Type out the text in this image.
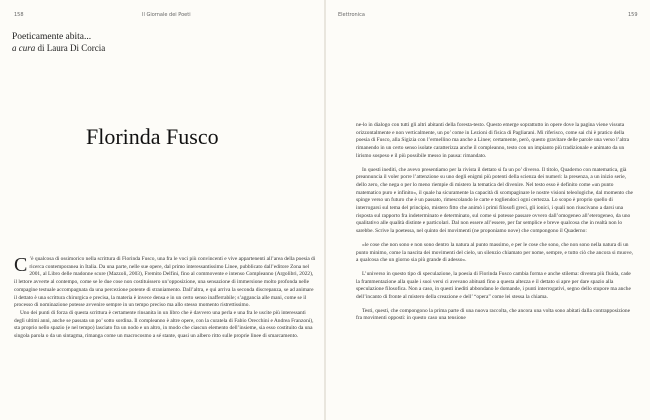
158	Il Giornale dei Poeti
Poeticamente abita...
a cura di Laura Di Corcia
Florinda Fusco

C ’è qualcosa di ossimorico nella scrittura di Florinda Fusco, una fra le voci più convincenti e vive appartenenti all’area della poesia di ricerca contemporanea in Italia. Da una parte, nelle sue opere, dal primo interessantissimo Linee, pubblicato dall’editore Zona nel 2001, al Libro delle madonne scure (Mazzoli, 2003), Fremito Delfini, fino al commovente e intenso Compleanno (Argolibri, 2022), il lettore avverte al contempo, come se le due cose non costituissero un’opposizione, una sensazione di immersione molto profonda nelle compagine testuale accompagnata da una percezione potente di straniamento. Dall’altra, e qui arriva la seconda discrepanza, se ad animare il dettato è una scrittura chirurgica e precisa, la materia è invece densa e in un certo senso inafferrabile; s’aggancia alle mani, come se il processo di nominazione potesse avvenire sempre in un tempo preciso ma allo stesso momento ristrettissimo.

Uno dei punti di forza di questa scrittura è certamente rinsanita in un libro che è davvero una perla e una fra le uscite più interessanti degli ultimi anni, anche se passata un po’ sotto sordina. Il compleanno è altre opere, con la curatela di Fabio Orecchini e Andrea Franzoni), sta proprio nello spazio (e nel tempo) lasciato fra un nodo e un altro, in modo che ciascun elemento dell’insieme, sia esso costituito da una singola parola o da un sintagma, rimanga come un macrocosmo a sé stante, quasi un albero ritto sulle proprie linee di smarcamento.

Elettronica	159

ne-lo in dialogo con tutti gli altri abitanti della foresta-testo. Questo emerge soprattutto in opere dove la pagina viene vissuta orizzontalmente e non verticalmente, un po’ come in Lezioni di fisica di Pagliarani. Mi riferisco, come sai chi è pratico della poesia di Fusco, alla Sigizia con l’ermellino ma anche a Linee; certamente, però, questo gravitare delle parole una verso l’altra rimanendo in un certo senso isolate caratterizza anche il compleanno, testo con un impianto più tradizionale e animato da un lirismo sospeso e il più possibile messo in pausa: rimandato.

In questi inediti, che avevo presentiamo per la rivista il dettato si fa un po’ diverso. Il titolo, Quaderno con matematica, già preannuncia il voler porre l’attenzione su uno degli enigmi più potenti della scienza dei numeri: la presenza, a un inizio serie, dello zero, che nega o per lo meno riempie di mistero la tematica del divenire. Nel testo esso è definito come «un punto matematico puro e infinito», il quale ha sicuramente la capacità di scompaginare le nostre visioni teleologiche, dal momento che spinge verso un futuro che è un passato, rimescolando le carte e togliendoci ogni certezza. Lo scopo è proprio quello di interrogarsi sul tema del principio, mistero fitto che animò i primi filosofi greci, gli ionici, i quali non riuscivano a darsi una risposta sul rapporto fra indeterminato e determinato, sul come si potesse passare ovvero dall’omogeneo all’eterogeneo, da uno qualitativo alle qualità distinte e particolari. Dal non essere all’essere, per far semplice e breve qualcosa che in realtà non lo sarebbe. Scrive la poetessa, nel quinto dei movimenti (ne proponiamo nove) che compongono il Quaderno:

«le cose che non sono e non sono dentro la natura al punto massimo, e per le cose che sono, che non sono nella natura di un punto minimo, come la nascita dei movimenti del cielo, un silenzio chiamato per nome, sempre, e tutto ciò che ancora si muove, a qualcosa che un giorno sia più grande di adesso».

L’universo in questo tipo di speculazione, la poesia di Florinda Fusco cambia forma e anche stilema: diventa più fluida, cade la frammentazione alla quale i suoi versi ci avevano abituati fino a questa altezza e il dettato si apre per dare spazio alla speculazione filosofica. Non a caso, in questi inediti abbondano le domande, i punti interrogativi, segno dello stupore ma anche dell’incanto di fronte al mistero della creazione e dell’ “opera” come lei stessa la chiama.

Testi, questi, che compongono la prima parte di una nuova raccolta, che ancora una volta sono abitati dalla contrapposizione fra movimenti opposti: in questo caso una tensione
